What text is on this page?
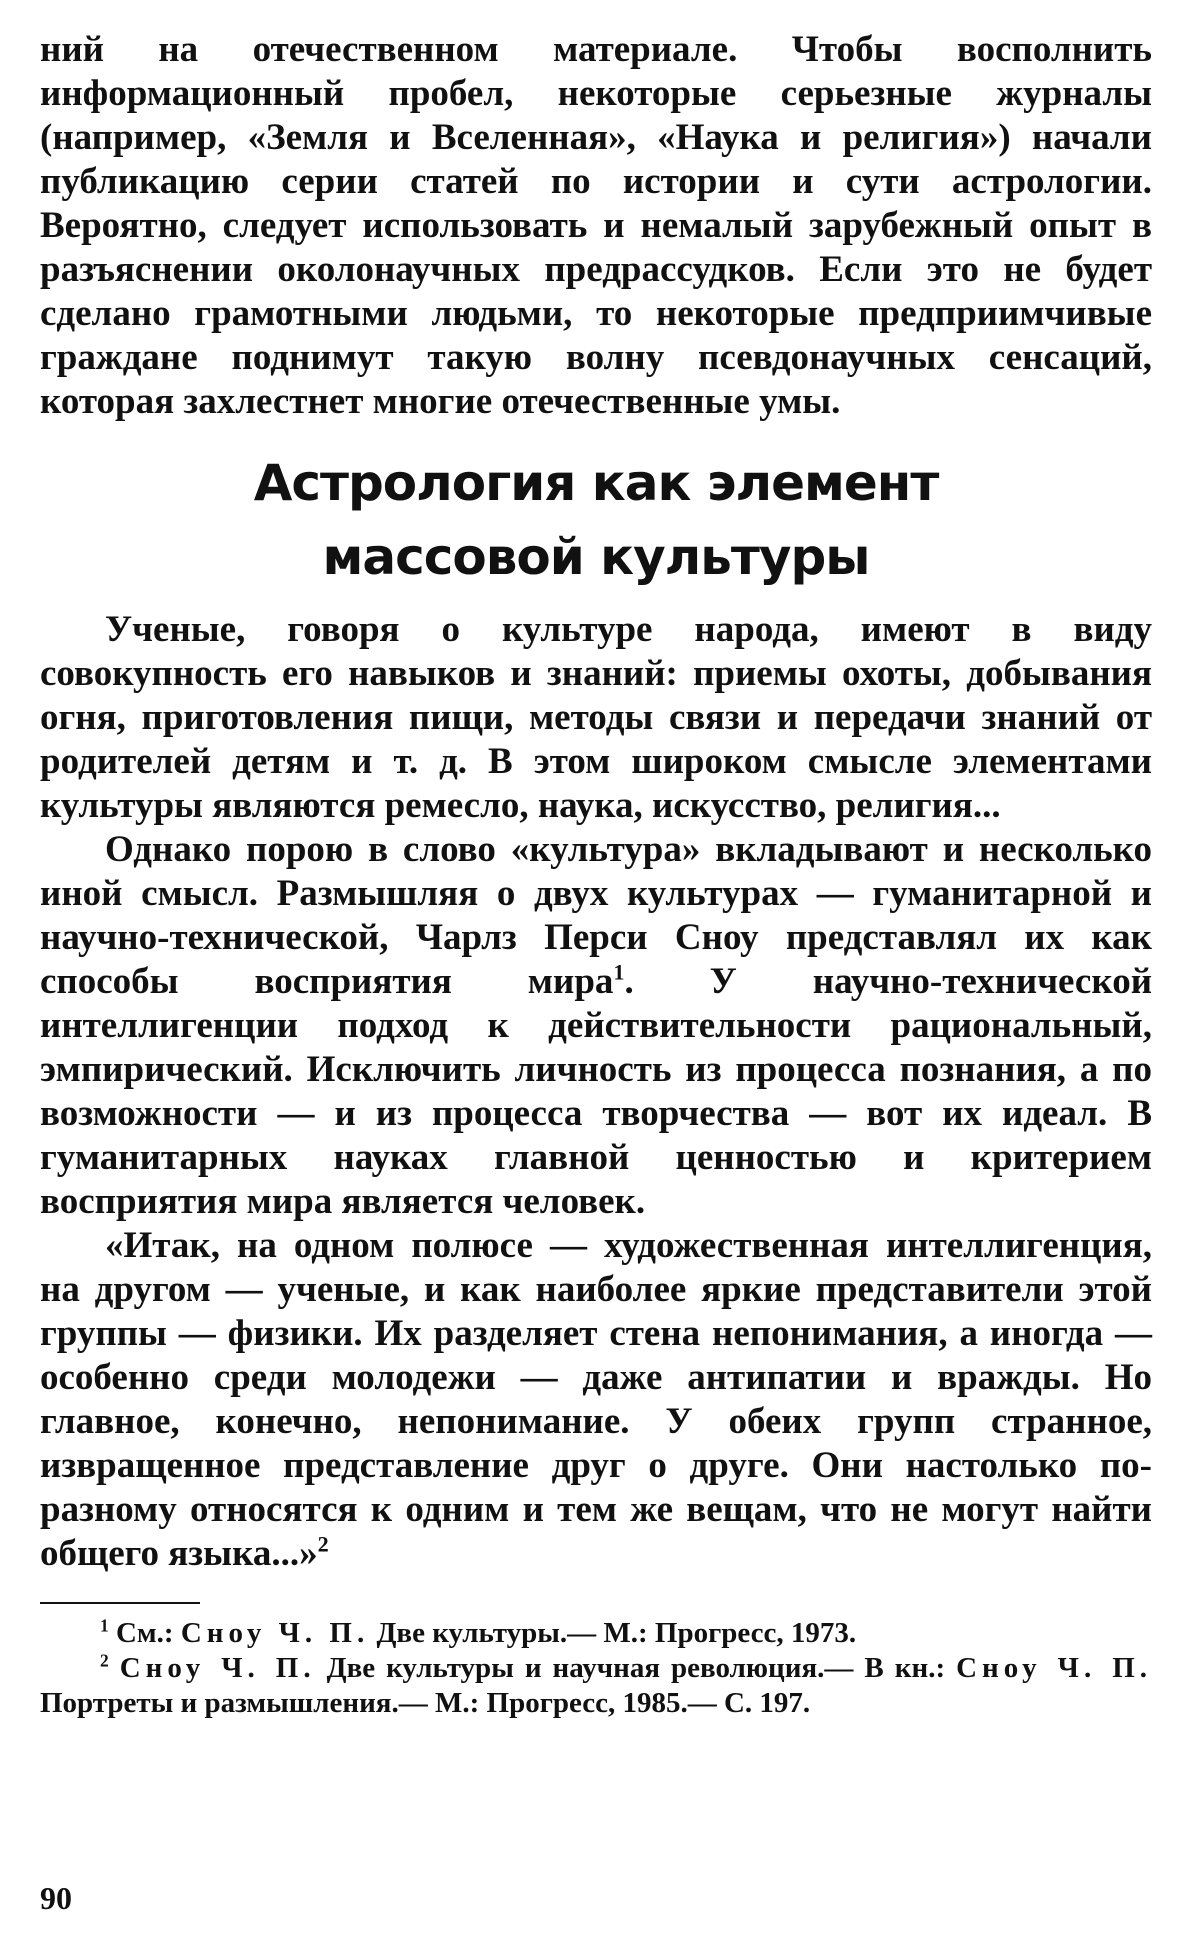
ний на отечественном материале. Чтобы восполнить информационный пробел, некоторые серьезные журналы (например, «Земля и Вселенная», «Наука и религия») начали публикацию серии статей по истории и сути астрологии. Вероятно, следует использовать и немалый зарубежный опыт в разъяснении околонаучных предрассудков. Если это не будет сделано грамотными людьми, то некоторые предприимчивые граждане поднимут такую волну псевдонаучных сенсаций, которая захлестнет многие отечественные умы.

Астрология как элемент
массовой культуры

Ученые, говоря о культуре народа, имеют в виду совокупность его навыков и знаний: приемы охоты, добывания огня, приготовления пищи, методы связи и передачи знаний от родителей детям и т. д. В этом широком смысле элементами культуры являются ремесло, наука, искусство, религия...

Однако порою в слово «культура» вкладывают и несколько иной смысл. Размышляя о двух культурах — гуманитарной и научно-технической, Чарлз Перси Сноу представлял их как способы восприятия мира$^1$. У научно-технической интеллигенции подход к действительности рациональный, эмпирический. Исключить личность из процесса познания, а по возможности — и из процесса творчества — вот их идеал. В гуманитарных науках главной ценностью и критерием восприятия мира является человек.

«Итак, на одном полюсе — художественная интеллигенция, на другом — ученые, и как наиболее яркие представители этой группы — физики. Их разделяет стена непонимания, а иногда — особенно среди молодежи — даже антипатии и вражды. Но главное, конечно, непонимание. У обеих групп странное, извращенное представление друг о друге. Они настолько по-разному относятся к одним и тем же вещам, что не могут найти общего языка...»$^2$

$^1$ См.: Сноу Ч. П. Две культуры.— М.: Прогресс, 1973.

$^2$ Сноу Ч. П. Две культуры и научная революция.— В кн.: Сноу Ч. П. Портреты и размышления.— М.: Прогресс, 1985.— С. 197.

90
